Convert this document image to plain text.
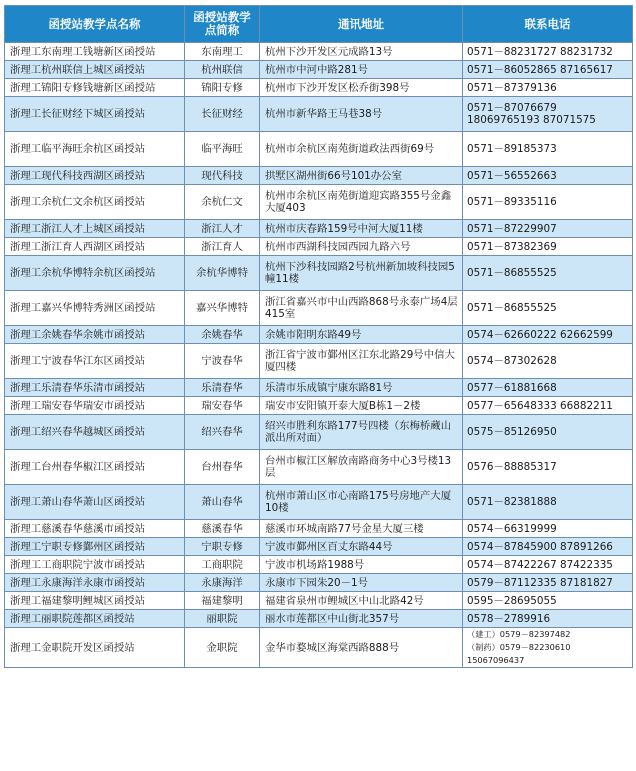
函授站教学点名称	函授站教学点简称	通讯地址	联系电话
浙理工东南理工钱塘新区函授站	东南理工	杭州下沙开发区元成路13号	0571－88231727 88231732
浙理工杭州联信上城区函授站	杭州联信	杭州市中河中路281号	0571－86052865 87165617
浙理工锦阳专修钱塘新区函授站	锦阳专修	杭州市下沙开发区松乔街398号	0571－87379136
浙理工长征财经下城区函授站	长征财经	杭州市新华路王马巷38号	0571－87076679
18069765193 87071575
浙理工临平海旺余杭区函授站	临平海旺	杭州市余杭区南苑街道政法西街69号	0571－89185373
浙理工现代科技西湖区函授站	现代科技	拱墅区湖州街66号101办公室	0571－56552663
浙理工余杭仁文余杭区函授站	余杭仁文	杭州市余杭区南苑街道迎宾路355号金鑫大厦403	0571－89335116
浙理工浙江人才上城区函授站	浙江人才	杭州市庆春路159号中河大厦11楼	0571－87229907
浙理工浙江育人西湖区函授站	浙江育人	杭州市西湖科技园西园九路六号	0571－87382369
浙理工余杭华博特余杭区函授站	余杭华博特	杭州下沙科技园路2号杭州新加坡科技园5幢11楼	0571－86855525
浙理工嘉兴华博特秀洲区函授站	嘉兴华博特	浙江省嘉兴市中山西路868号永泰广场4层415室	0571－86855525
浙理工余姚春华余姚市函授站	余姚春华	余姚市阳明东路49号	0574－62660222 62662599
浙理工宁波春华江东区函授站	宁波春华	浙江省宁波市鄞州区江东北路29号中信大厦四楼	0574－87302628
浙理工乐清春华乐清市函授站	乐清春华	乐清市乐成镇宁康东路81号	0577－61881668
浙理工瑞安春华瑞安市函授站	瑞安春华	瑞安市安阳镇开泰大厦B栋1－2楼	0577－65648333 66882211
浙理工绍兴春华越城区函授站	绍兴春华	绍兴市胜利东路177号四楼（东梅桥蔵山派出所对面）	0575－85126950
浙理工台州春华椒江区函授站	台州春华	台州市椒江区解放南路商务中心3号楼13层	0576－88885317
浙理工萧山春华萧山区函授站	萧山春华	杭州市萧山区市心南路175号房地产大厦10楼	0571－82381888
浙理工慈溪春华慈溪市函授站	慈溪春华	慈溪市环城南路77号金星大厦三楼	0574－66319999
浙理工宁职专修鄞州区函授站	宁职专修	宁波市鄞州区百丈东路44号	0574－87845900 87891266
浙理工工商职院宁波市函授站	工商职院	宁波市机场路1988号	0574－87422267 87422335
浙理工永康海洋永康市函授站	永康海洋	永康市下园朱20－1号	0579－87112335 87181827
浙理工福建黎明鲤城区函授站	福建黎明	福建省泉州市鲤城区中山北路42号	0595－28695055
浙理工丽职院莲都区函授站	丽职院	丽水市莲都区中山街北357号	0578－2789916
浙理工金职院开发区函授站	金职院	金华市婺城区海棠西路888号	（建工）0579－82397482
（制药）0579－82230610 15067096437
